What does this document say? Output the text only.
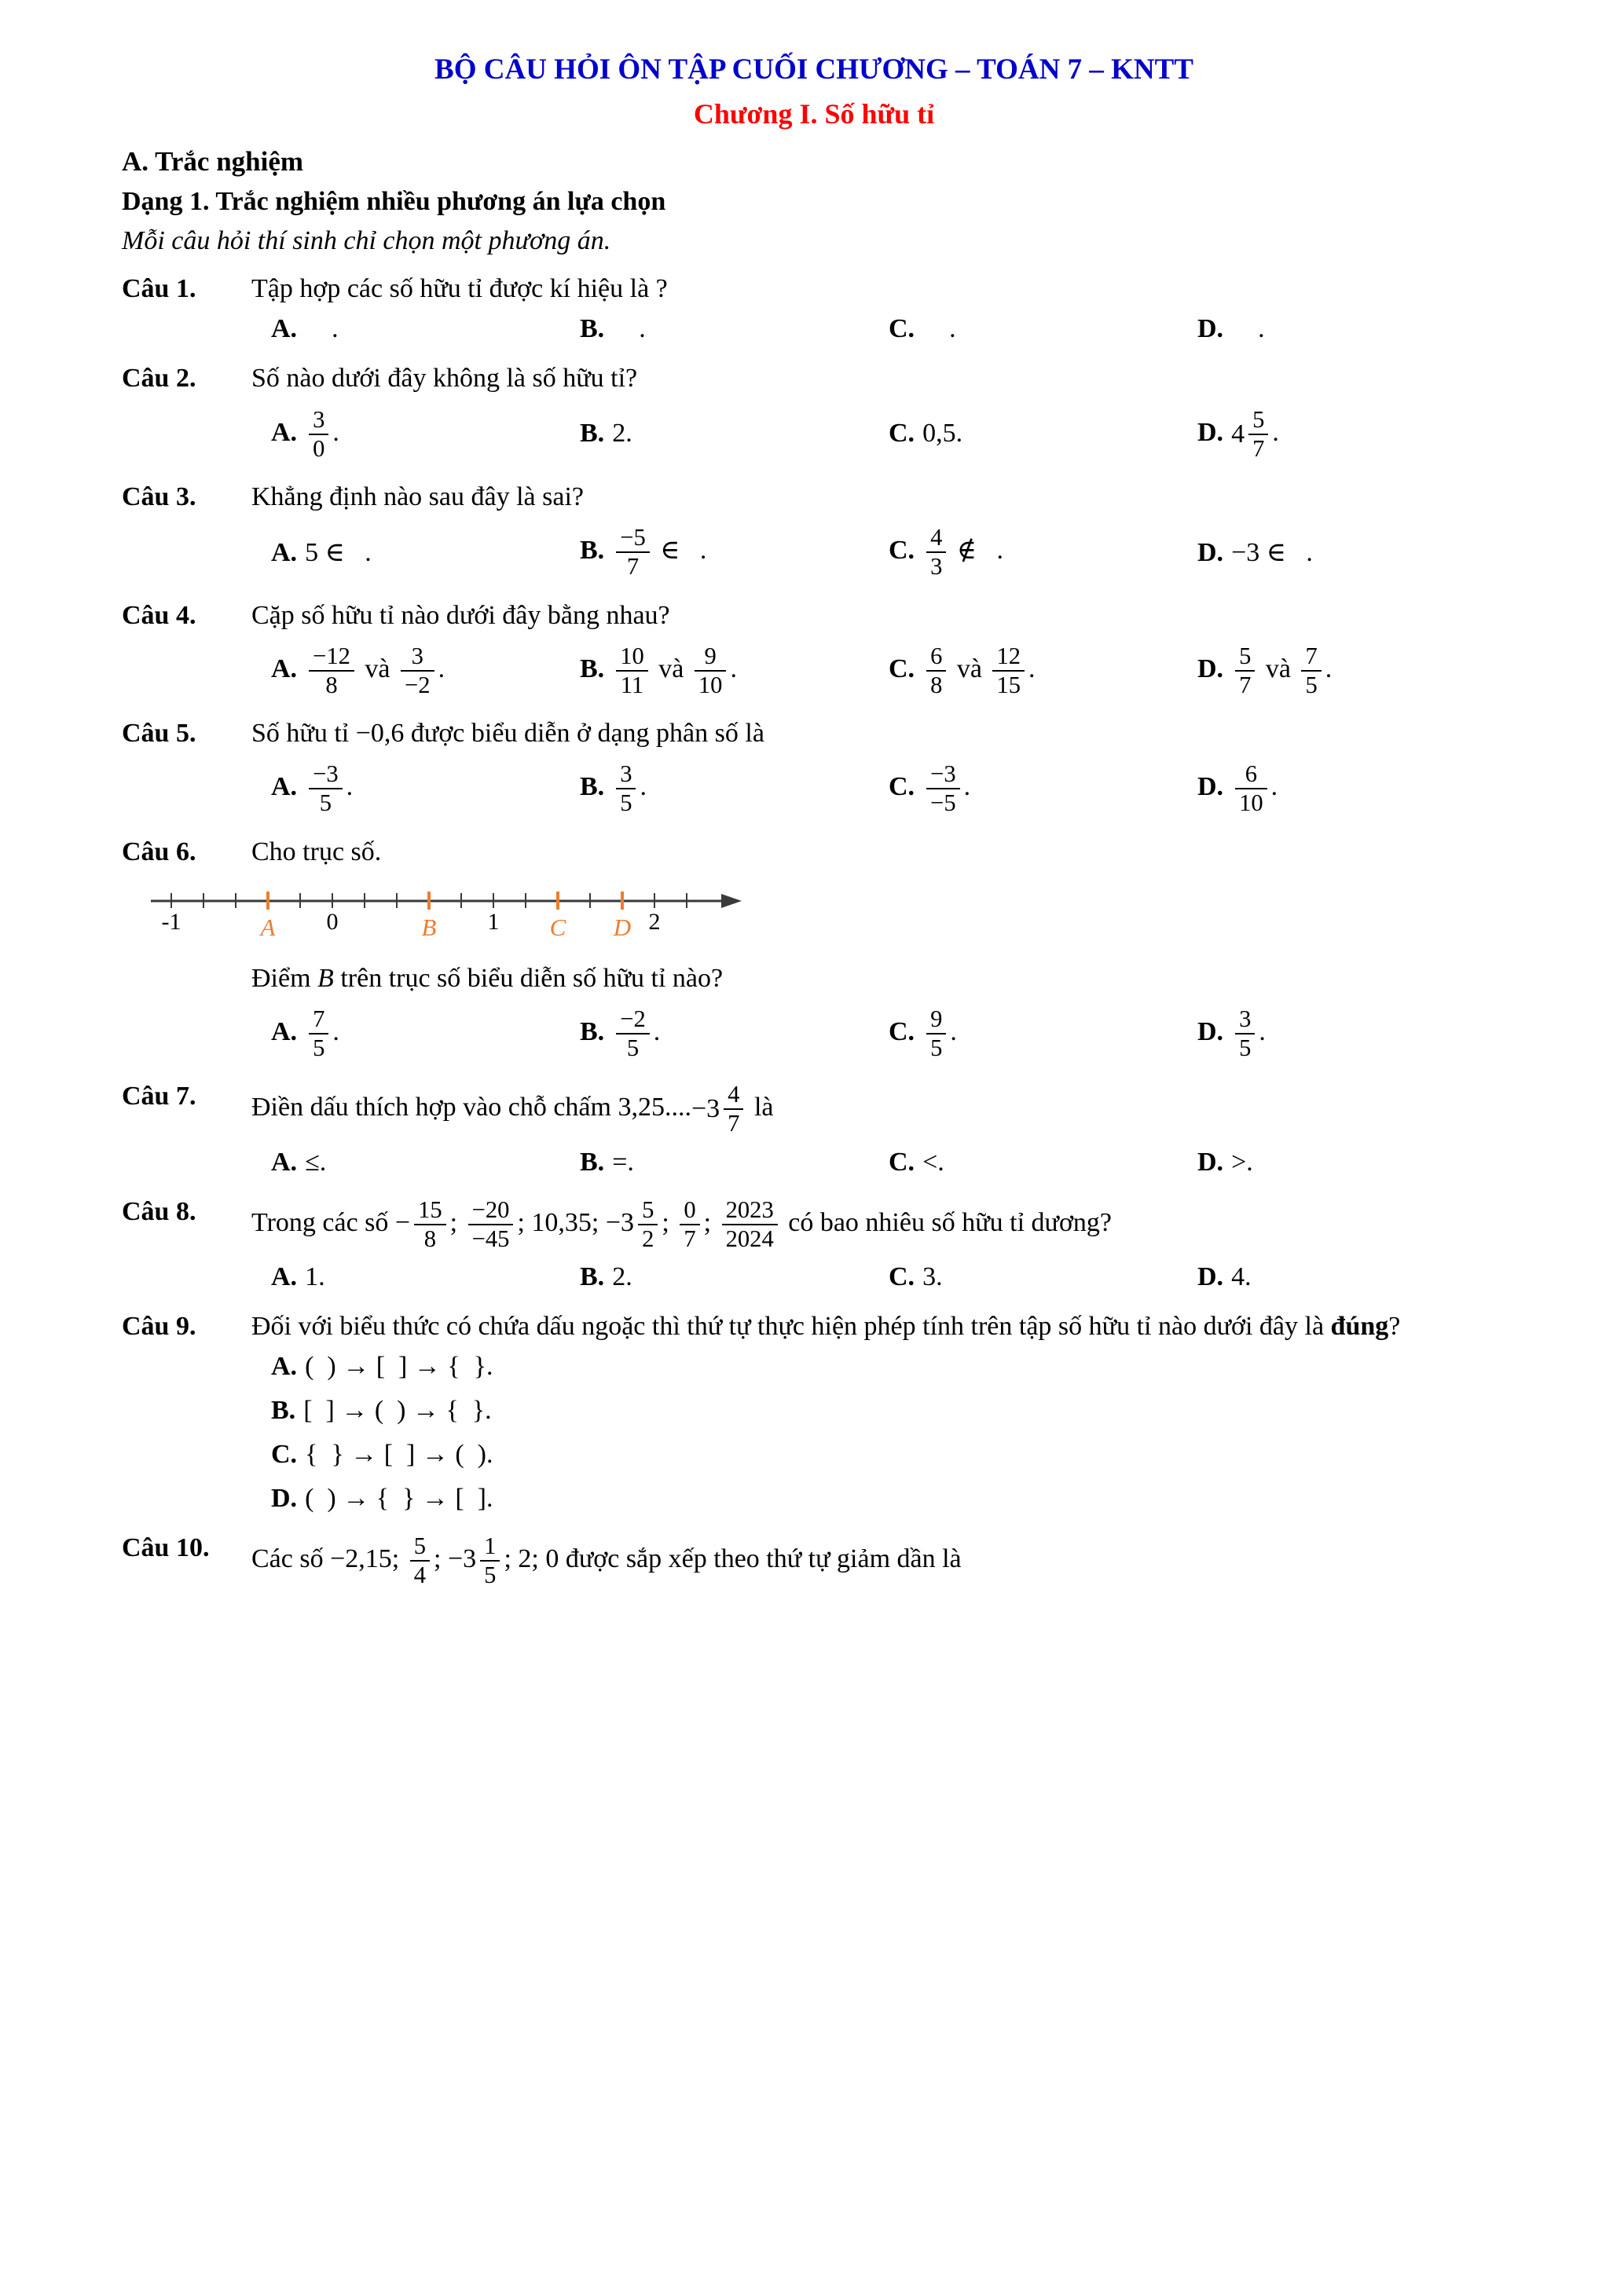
BỘ CÂU HỎI ÔN TẬP CUỐI CHƯƠNG – TOÁN 7 – KNTT
Chương I. Số hữu tỉ
A. Trắc nghiệm
Dạng 1. Trắc nghiệm nhiều phương án lựa chọn
Mỗi câu hỏi thí sinh chỉ chọn một phương án.
Câu 1.	Tập hợp các số hữu tỉ được kí hiệu là ?
A.    .	B.    .	C.    .	D.    .
Câu 2.	Số nào dưới đây không là số hữu tỉ?
A. $\frac{3}{0}$ .	B. 2.	C. 0,5.	D. $4 \frac{5}{7}$ .
Câu 3.	Khẳng định nào sau đây là sai?
A. 5 ∈   .	B. $\frac{-5}{7}$ ∈   .	C. $\frac{4}{3}$ ∉   .	D. −3 ∈   .
Câu 4.	Cặp số hữu tỉ nào dưới đây bằng nhau?
A. $\frac{-12}{8}$ và $\frac{3}{-2}$ .	B. $\frac{10}{11}$ và $\frac{9}{10}$ .	C. $\frac{6}{8}$ và $\frac{12}{15}$ .	D. $\frac{5}{7}$ và $\frac{7}{5}$ .
Câu 5.	Số hữu tỉ −0,6 được biểu diễn ở dạng phân số là
A. $\frac{-3}{5}$ .	B. $\frac{3}{5}$ .	C. $\frac{-3}{-5}$ .	D. $\frac{6}{10}$ .
Câu 6.	Cho trục số.
-1	0	1	2
A	B	C D
Điểm B trên trục số biểu diễn số hữu tỉ nào?
A. $\frac{7}{5}$ .	B. $\frac{-2}{5}$ .	C. $\frac{9}{5}$ .	D. $\frac{3}{5}$ .
Câu 7.	Điền dấu thích hợp vào chỗ chấm 3,25.... $-3 \frac{4}{7}$ là
A. ≤.	B. =.	C. <.	D. >.
Câu 8.	Trong các số − $\frac{15}{8}$ ; $\frac{-20}{-45}$ ; 10,35; $-3 \frac{5}{2}$ ; $\frac{0}{7}$ ; $\frac{2023}{2024}$ có bao nhiêu số hữu tỉ dương?
A. 1.	B. 2.	C. 3.	D. 4.
Câu 9.	Đối với biểu thức có chứa dấu ngoặc thì thứ tự thực hiện phép tính trên tập số hữu tỉ nào dưới đây là đúng?
A. (  ) → [  ] → {  }.
B. [  ] → (  ) → {  }.
C. {  } → [  ] → (  ).
D. (  ) → {  } → [  ].
Câu 10.	Các số −2,15; $\frac{5}{4}$ ; $-3 \frac{1}{5}$ ; 2; 0 được sắp xếp theo thứ tự giảm dần là
